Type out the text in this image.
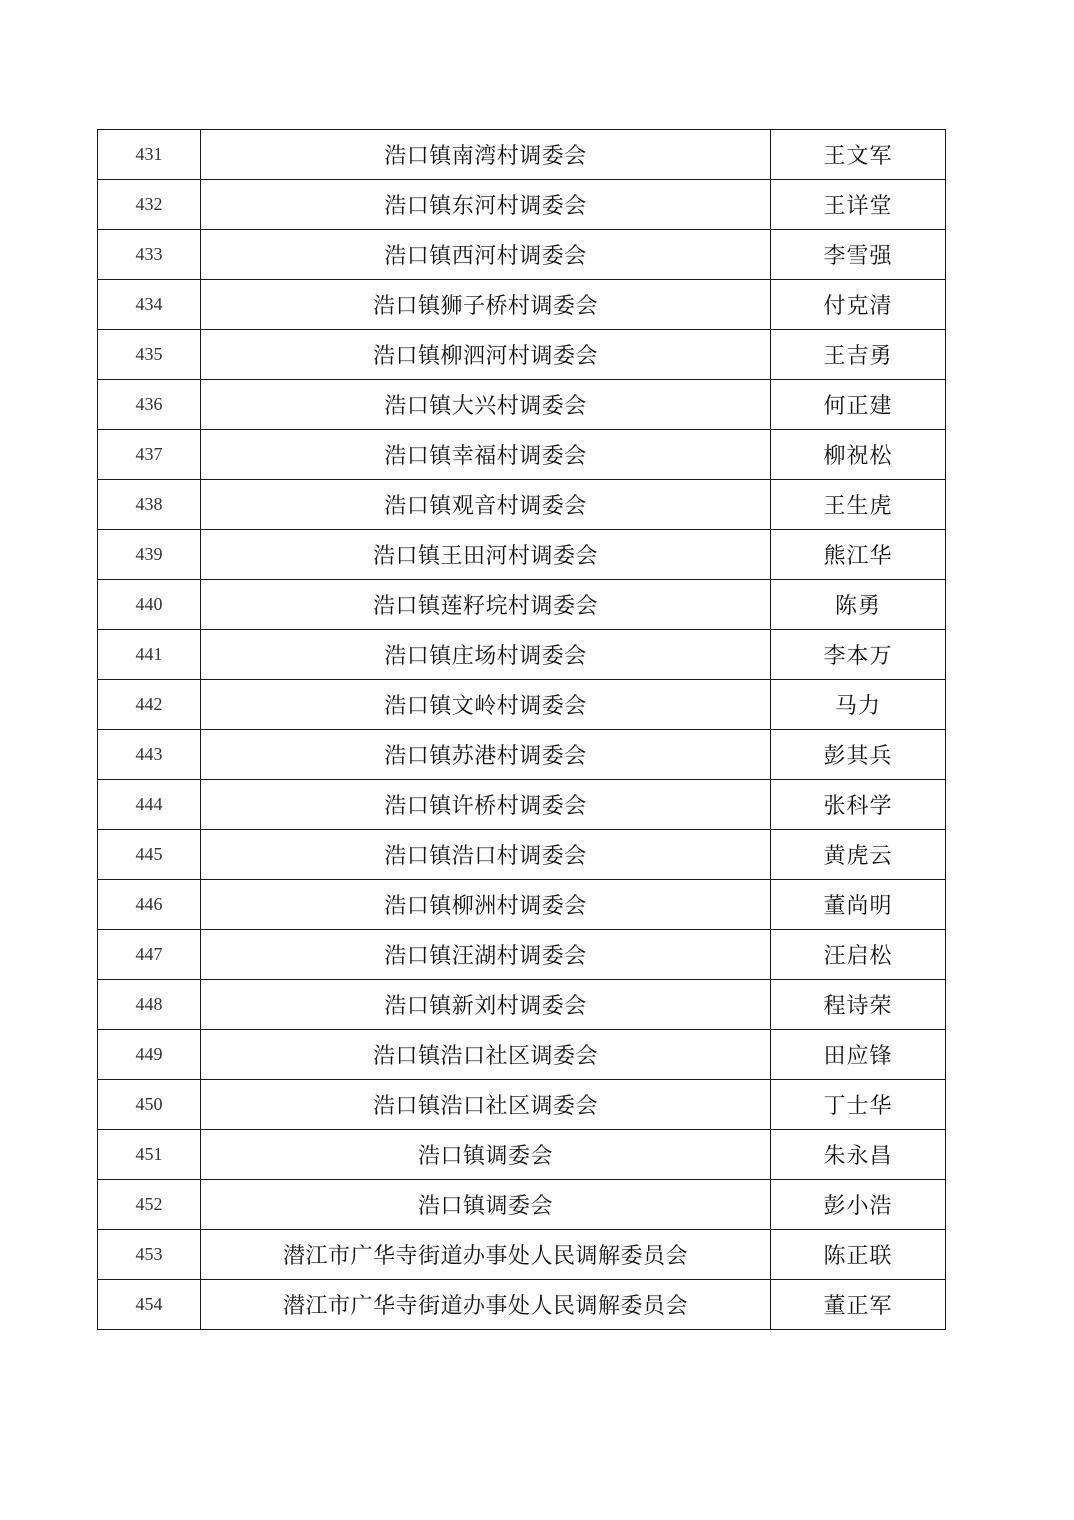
431	浩口镇南湾村调委会	王文军
432	浩口镇东河村调委会	王详堂
433	浩口镇西河村调委会	李雪强
434	浩口镇狮子桥村调委会	付克清
435	浩口镇柳泗河村调委会	王吉勇
436	浩口镇大兴村调委会	何正建
437	浩口镇幸福村调委会	柳祝松
438	浩口镇观音村调委会	王生虎
439	浩口镇王田河村调委会	熊江华
440	浩口镇莲籽垸村调委会	陈勇
441	浩口镇庄场村调委会	李本万
442	浩口镇文岭村调委会	马力
443	浩口镇苏港村调委会	彭其兵
444	浩口镇许桥村调委会	张科学
445	浩口镇浩口村调委会	黄虎云
446	浩口镇柳洲村调委会	董尚明
447	浩口镇汪湖村调委会	汪启松
448	浩口镇新刘村调委会	程诗荣
449	浩口镇浩口社区调委会	田应锋
450	浩口镇浩口社区调委会	丁士华
451	浩口镇调委会	朱永昌
452	浩口镇调委会	彭小浩
453	潜江市广华寺街道办事处人民调解委员会	陈正联
454	潜江市广华寺街道办事处人民调解委员会	董正军
